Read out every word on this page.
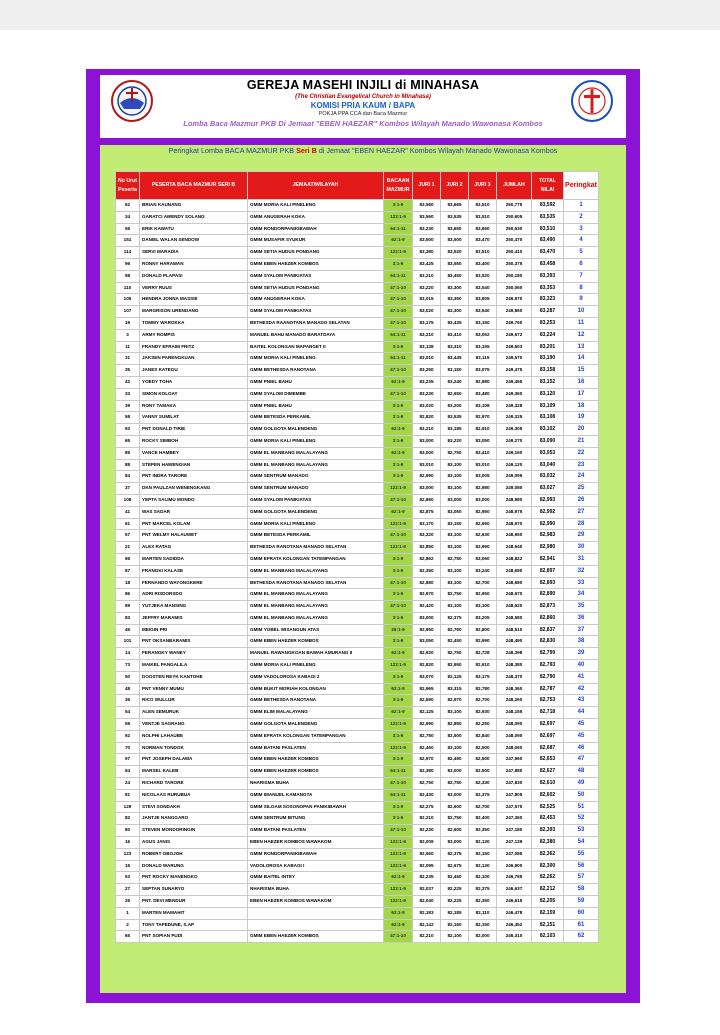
GEREJA MASEHI INJILI di MINAHASA
(The Christian Evangelical Church in Minahasa)
KOMISI PRIA KAUM / BAPA
POKJA PPA CCA dan Baca Mazmur
Lomba Baca Mazmur PKB Di Jemaat "EBEN HAEZAR" Kombos Wilayah Manado Wawonasa Kombos
Peringkat Lomba BACA MAZMUR PKB Seri B di Jemaat "EBEN HAEZAR" Kombos Wilayah Manado Wawonasa Kombos
No Urut Peserta	PESERTA BACA MAZMUR SERI B	JEMAAT/WILAYAH	BACAAN MAZMUR	JURI 1	JURI 2	JURI 3	JUMLAH	TOTAL NILAI	Peringkat
62	BRIAN KAUNANG	GMIM MORIA KALI PINELENG	3:1-9	83,560	83,665	83,510	250,775	83,592	1
34	GARATCI AWENDY SOLANG	GMIM ANUGERAH KOKA	122:1-9	83,560	83,535	83,510	250,605	83,535	2
55	ERIK KAWATU	GMIM RONDORPANIKIBAWAH	64:1-11	83,230	83,650	83,650	250,530	83,510	3
151	DANIEL WALAN SENDOW	GMIM MUSAFIR SYUKUR	62:1-9	83,500	83,500	83,470	250,470	83,490	4
114	SERVI MARADIA	GMIM SETIA HUDUS PONDANG	122:1-9	83,380	83,520	83,510	250,410	83,470	5
96	RONNY HARAWAN	GMIM EBEN HAEZER KOMBOS	3:1-9	83,425	83,550	83,400	250,375	83,458	6
98	DONALD PLAPASI	GMIM SYALOM PANIKIATAS	64:1-11	83,210	83,450	83,520	250,180	83,393	7
110	VERRY RUUS	GMIM SETIA HUDUS PONDANG	47:1-10	83,220	83,300	83,540	250,060	83,353	8
105	HENDRA JONNA MASSIE	GMIM ANUGERAH KOKA	47:1-10	83,015	83,350	83,605	249,970	83,323	9
107	MARGRISON URENDANG	GMIM SYALOM PANIKIATAS	47:1-10	83,020	83,300	83,540	249,860	83,287	10
19	TOMMY WAROKKA	BETHESDA RAANOTANA MANADO SELATAN	47:1-10	83,175	83,435	83,150	249,760	83,253	11
3	ARMY ROMPIS	MANUEL BAHU MANADO BARATDAYA	64:1-11	83,210	83,410	83,052	249,672	83,224	12
11	FRANDY EFRAIM FRITZ	BAITEL KOLONGAN MAPANGET II	3:1-9	83,138	83,310	83,155	249,603	83,201	13
31	JAKSEN PARENGKUAN	GMIM MORIA KALI PINELENG	64:1-11	83,010	83,445	83,115	249,570	83,190	14
35	JANES KATEGU	GMIM BETHESDA RANOTANA	47:1-10	83,250	83,150	83,075	249,475	83,158	15
42	YOEDY TOHA	GMIM PNIEL BAHU	62:1-9	83,235	83,240	82,980	249,455	83,152	16
33	SIMON KOLOAY	GMIM SYALOM DIMEMBE	47:1-10	83,230	82,650	83,480	249,360	83,120	17
39	RONY TAMAKA	GMIM PNIEL BAHU	3:1-9	83,020	83,200	83,108	249,328	83,109	18
58	VANNY SUMILAT	GMIM BETESDA PERKAMIL	3:1-9	82,820	83,535	82,970	249,325	83,108	19
93	PNT DONALD TIRIE	GMIM GOLGOTA MALENDENG	62:1-9	83,210	83,185	82,910	249,305	83,102	20
65	ROCKY SIMBOH	GMIM MORIA KALI PINELENG	3:1-9	83,000	83,220	83,050	249,270	83,090	21
85	VANCE HAMBEY	GMIM EL MANBANG MALALAYANG	62:1-9	83,000	82,750	83,410	249,160	83,053	22
88	STEPEN HAWENGIAN	GMIM EL MANBANG MALALAYANG	3:1-9	83,010	83,100	83,010	249,120	83,040	23
84	PNT INDRA TARORE	GMIM SENTRUM MANADO	3:1-9	82,990	83,100	83,005	249,095	83,032	24
37	DKN PAULZAN WENENGKANG	GMIM SENTRUM MANADO	122:1-9	83,000	83,100	82,980	249,080	83,027	25
108	YEPTA SALIMU MONDO	GMIM SYALOM PANIKIATAS	47:1-10	82,860	83,000	83,000	248,980	82,993	26
41	WAS SADAR	GMIM GOLGOTA MALENDENG	62:1-9	82,875	83,050	82,950	248,975	82,992	27
61	PNT MARCEL KOLAM	GMIM MORIA KALI PINELENG	122:1-9	83,170	83,150	82,650	248,970	82,990	28
57	PNT WELMY HALAUWET	GMIM BETESDA PERKAMIL	47:1-10	83,220	83,100	82,630	248,950	82,983	29
21	ALEX RATAG	BETHESDA RANOTANA MANADO SELATAN	122:1-9	82,850	83,100	82,990	248,940	82,980	30
95	MARTEN SADIDDA	GMIM EFRATA KOLONGAN TATEMPANGAN	3:1-9	82,862	82,750	83,060	248,822	82,941	31
87	FRANGKI KALASE	GMIM EL MANBANG MALALAYANG	3:1-9	82,350	83,100	83,240	248,690	82,897	32
18	FERNANDO WAYONGKERE	BETHESDA RANOTANA MANADO SELATAN	47:1-10	82,880	83,100	82,700	248,680	82,893	33
86	ADRI RISDORSDO	GMIM EL MANBANG MALALAYANG	3:1-9	82,970	82,750	82,950	248,670	82,890	34
89	YUTJEKA MANSING	GMIM EL MANBANG MALALAYANG	47:1-10	82,420	83,100	83,100	248,620	82,873	35
83	JEFFRY MARAMIS	GMIM EL MANBANG MALALAYANG	3:1-9	83,000	82,375	83,205	248,580	82,860	36
46	MEIGIN PRI	GMIM YOBEL WISANGUN ATAS	28:1-9	82,950	82,760	82,800	248,510	82,837	37
101	PNT OKSANBARAMIS	GMIM EBEN HAEZER KOMBOS	3:1-9	83,050	82,450	82,990	248,490	82,830	38
14	FERANGKY WANEY	MANUEL RAWANGKOAN BAWAH AMURANG II	62:1-9	82,920	82,750	82,728	248,398	82,799	39
73	MAIKEL PANGALILA	GMIM MORIA KALI PINELENG	122:1-9	82,820	82,950	82,610	248,380	82,793	40
50	DOOSTEN REYK KANTOHE	GMIM VADOLOROSA KABAGI 2	3:1-9	83,070	82,125	83,175	248,370	82,790	41
48	PNT VENNY MUMU	GMIM BUKIT MORIAH KOLONGAN	62:1-9	82,965	83,315	82,780	248,360	82,787	42
36	RICO WULLUR	GMIM BETHESDA RANOTANA	3:1-9	82,590	82,970	82,700	248,260	82,753	43
54	ALEN SEMURUK	GMIM ELIM MALALAYANG	62:1-9	82,125	83,100	82,930	248,155	82,718	44
59	VENTJE SAGRANG	GMIM GOLGOTA MALENDENG	122:1-9	82,990	82,850	82,250	248,090	82,697	45
92	NOLPHI LAHAUBE	GMIM EFRATA KOLONGAN TATEMPANGAN	3:1-9	82,750	82,500	82,840	248,090	82,697	45
70	NORMAN TONDOK	GMIM BATANI PASLATEN	122:1-9	82,460	83,100	82,500	248,060	82,687	46
97	PNT JOSEPH DALAWA	GMIM EBEN HAEZER KOMBOS	3:1-9	82,970	82,490	82,500	247,960	82,653	47
94	MARSEL KALEB	GMIM EBEN HAEZER KOMBOS	64:1-11	82,380	83,000	82,500	247,880	82,627	48
24	RICHARD TARORE	NHARISMA BUHA	47:1-10	82,750	82,750	82,330	247,830	82,610	49
81	NICOLAAS RURUBUA	GMIM IMANUEL KAMANGTA	64:1-11	82,430	83,000	82,375	247,805	82,602	50
129	STEVI SONDAKH	GMIM SILOAM SOSONOPAN PANIKIBAWAH	3:1-9	82,275	82,600	82,700	247,575	82,525	51
82	JANTJE NANGGARO	GMIM SENTRUM BITUNG	3:1-9	82,210	82,750	82,400	247,360	82,453	52
80	STEVEN MONDORINGIN	GMIM BATANI PASLATEN	47:1-10	82,230	82,600	82,350	247,180	82,393	53
16	AGUS JANIS	EBEN HAEZER KOMBOS WAWAKOM	122:1-9	82,009	83,000	82,130	247,139	82,380	54
123	ROBERT OBOJOH	GMIM RONDORPANIKIBAWAH	122:1-9	82,560	82,375	82,150	247,085	82,362	55
15	DONALD WARUNG	VADOLOROSA KABAGI I	122:1-9	82,095	82,675	82,130	246,900	82,300	56
53	PNT ROCKY MANENGKO	GMIM BAITEL INTEY	62:1-9	82,235	82,450	82,100	246,785	82,262	57
27	SEPTAN SUNARYO	NHARISMA BUHA	122:1-9	82,037	82,225	82,375	246,637	82,212	58
26	PNT. DEVI MENDUR	EBEN HAEZER KOMBOS WAWAKOM	122:1-9	82,040	82,225	82,350	246,615	82,205	59
1	MARTEN MAMAHIT		62:1-9	82,183	82,185	82,110	246,478	82,159	60
2	TONY TAPEDUNE, S.AP		62:1-9	82,142	82,160	82,150	246,452	82,151	61
65	PNT SOPIAN PUDI	GMIM EBEN HAEZER KOMBOS	47:1-10	82,210	82,100	82,000	246,310	82,103	62
